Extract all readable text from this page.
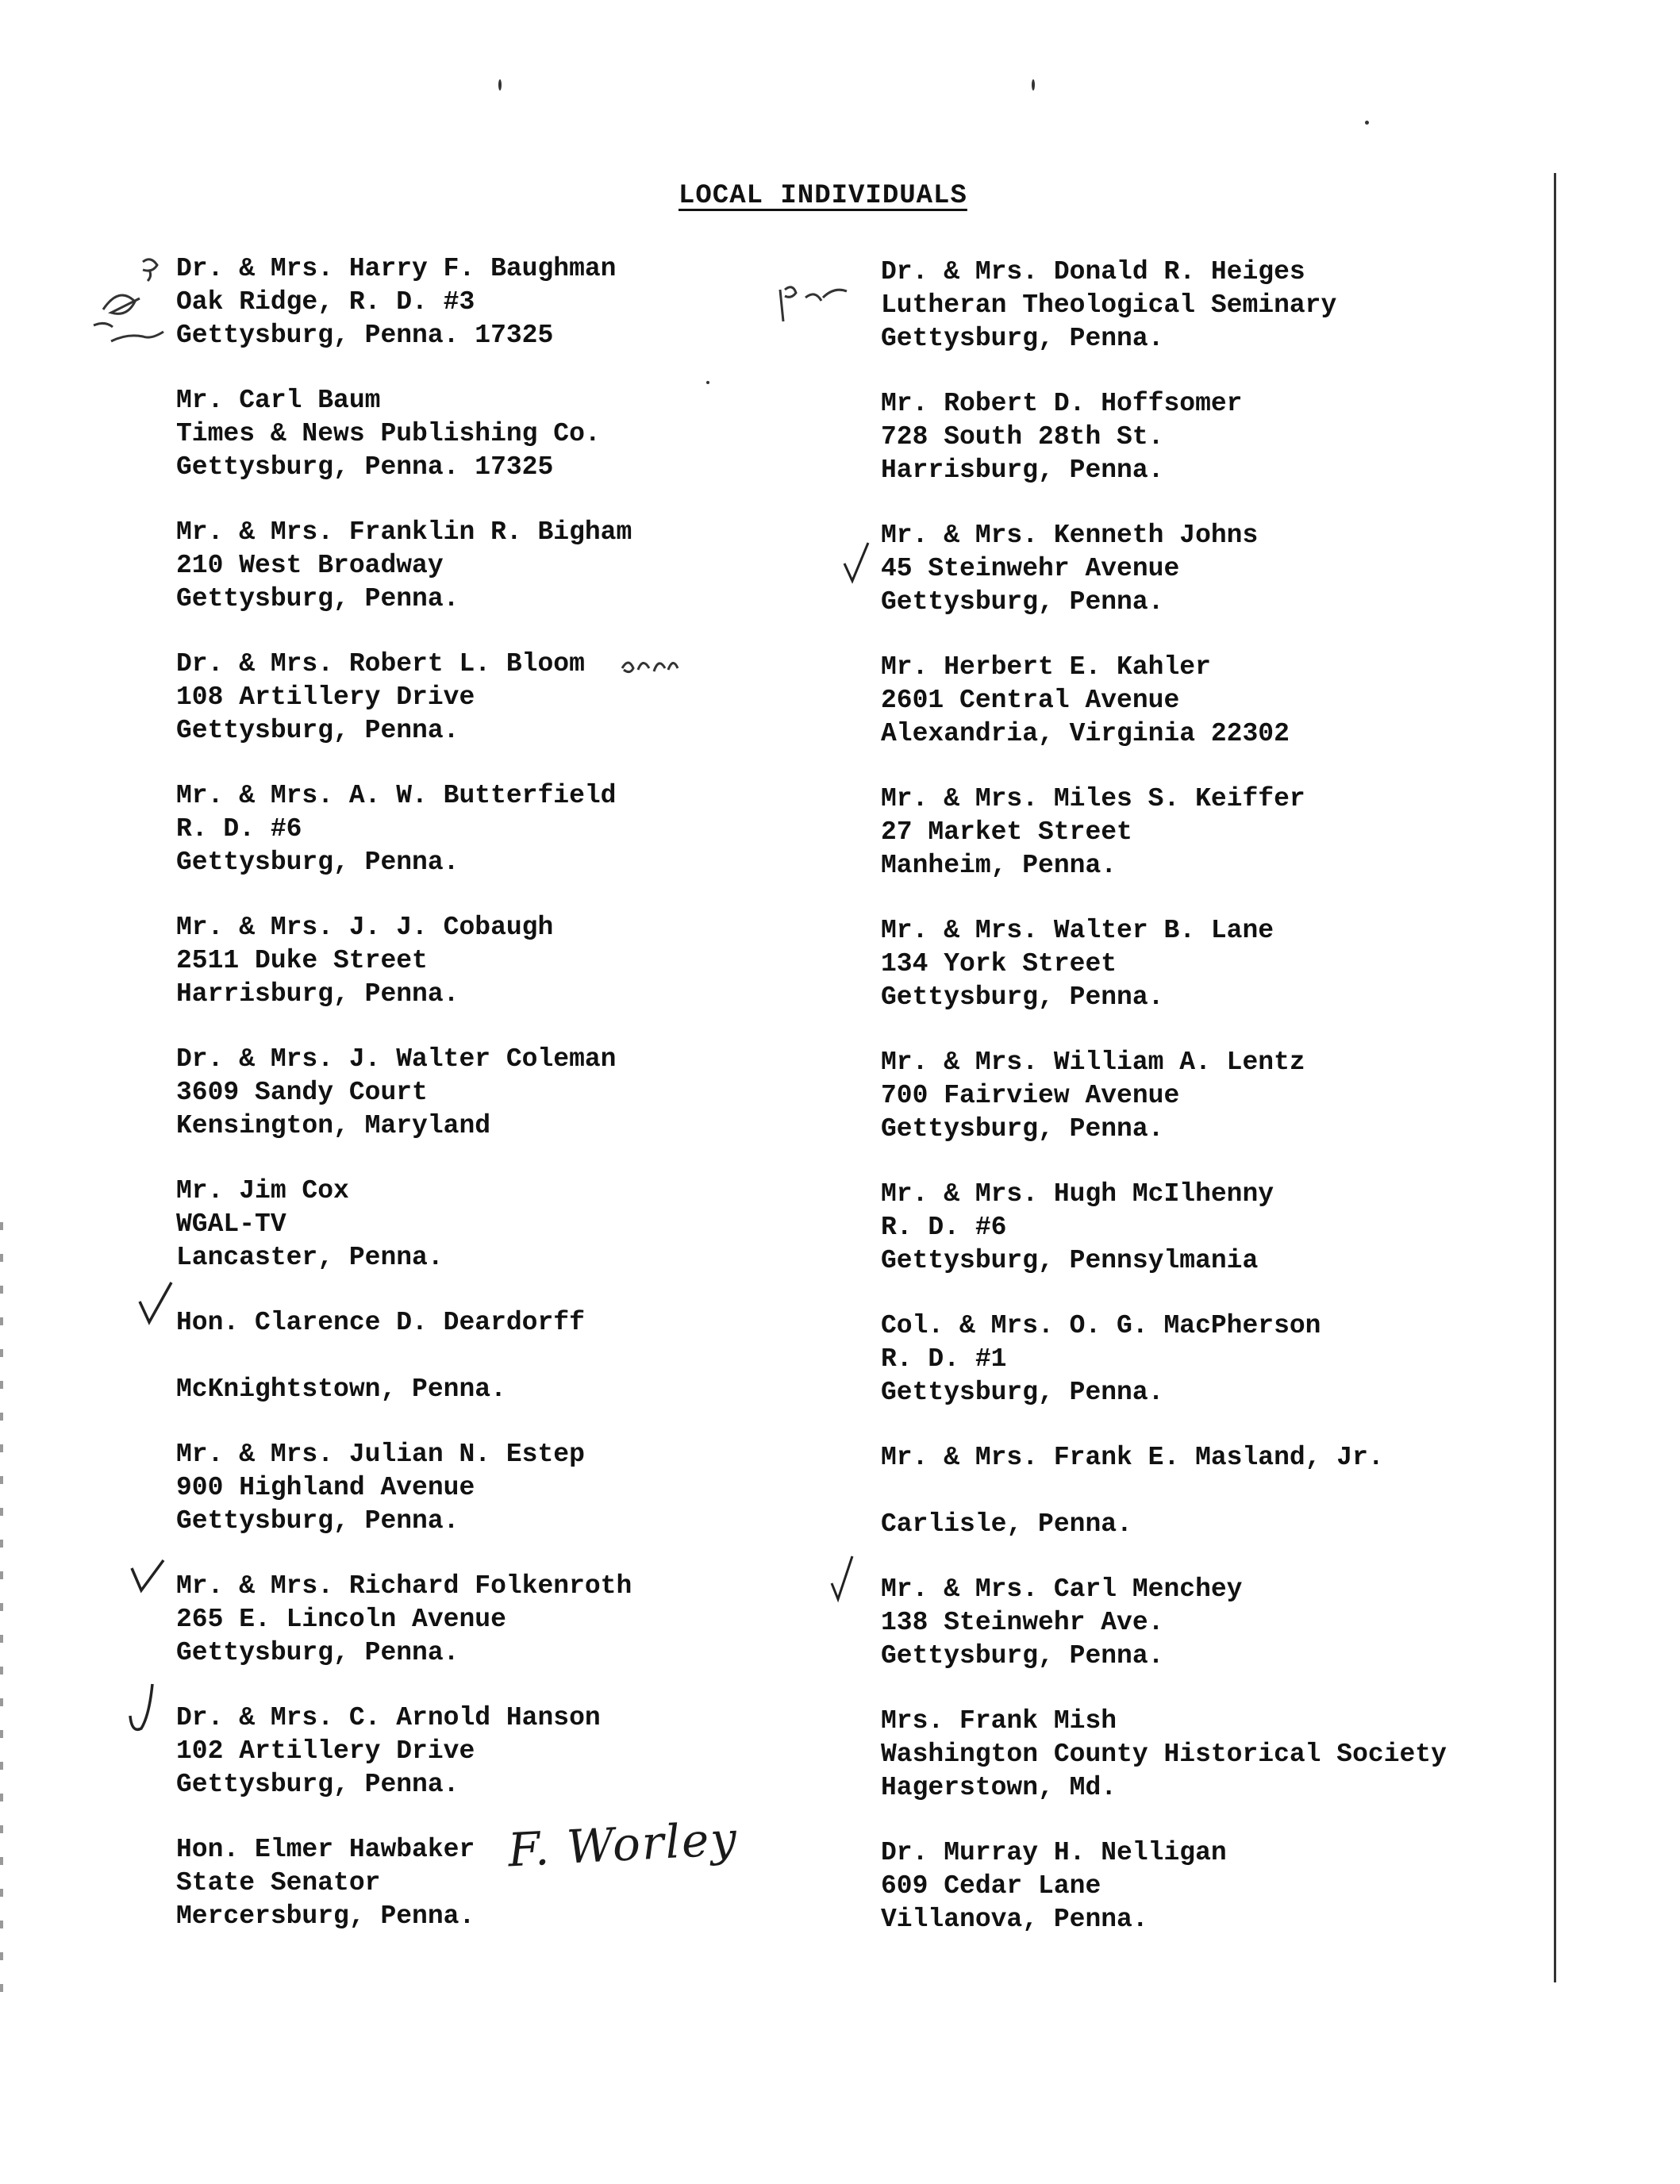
LOCAL INDIVIDUALS
Dr. & Mrs. Harry F. Baughman
Oak Ridge, R. D. #3
Gettysburg, Penna. 17325
Mr. Carl Baum
Times & News Publishing Co.
Gettysburg, Penna. 17325
Mr. & Mrs. Franklin R. Bigham
210 West Broadway
Gettysburg, Penna.
Dr. & Mrs. Robert L. Bloom
108 Artillery Drive
Gettysburg, Penna.
Mr. & Mrs. A. W. Butterfield
R. D. #6
Gettysburg, Penna.
Mr. & Mrs. J. J. Cobaugh
2511 Duke Street
Harrisburg, Penna.
Dr. & Mrs. J. Walter Coleman
3609 Sandy Court
Kensington, Maryland
Mr. Jim Cox
WGAL-TV
Lancaster, Penna.
Hon. Clarence D. Deardorff
McKnightstown, Penna.
Mr. & Mrs. Julian N. Estep
900 Highland Avenue
Gettysburg, Penna.
Mr. & Mrs. Richard Folkenroth
265 E. Lincoln Avenue
Gettysburg, Penna.
Dr. & Mrs. C. Arnold Hanson
102 Artillery Drive
Gettysburg, Penna.
Hon. Elmer Hawbaker
State Senator
Mercersburg, Penna.
Dr. & Mrs. Donald R. Heiges
Lutheran Theological Seminary
Gettysburg, Penna.
Mr. Robert D. Hoffsomer
728 South 28th St.
Harrisburg, Penna.
Mr. & Mrs. Kenneth Johns
45 Steinwehr Avenue
Gettysburg, Penna.
Mr. Herbert E. Kahler
2601 Central Avenue
Alexandria, Virginia 22302
Mr. & Mrs. Miles S. Keiffer
27 Market Street
Manheim, Penna.
Mr. & Mrs. Walter B. Lane
134 York Street
Gettysburg, Penna.
Mr. & Mrs. William A. Lentz
700 Fairview Avenue
Gettysburg, Penna.
Mr. & Mrs. Hugh McIlhenny
R. D. #6
Gettysburg, Pennsylmania
Col. & Mrs. O. G. MacPherson
R. D. #1
Gettysburg, Penna.
Mr. & Mrs. Frank E. Masland, Jr.
Carlisle, Penna.
Mr. & Mrs. Carl Menchey
138 Steinwehr Ave.
Gettysburg, Penna.
Mrs. Frank Mish
Washington County Historical Society
Hagerstown, Md.
Dr. Murray H. Nelligan
609 Cedar Lane
Villanova, Penna.
F. Worley
